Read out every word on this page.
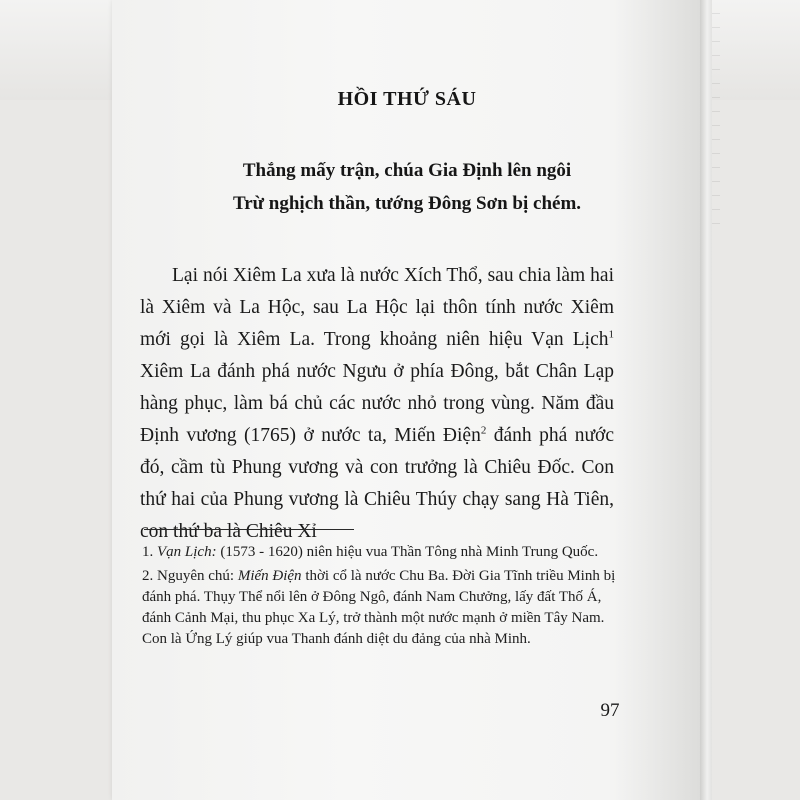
HỒI THỨ SÁU
Thắng mấy trận, chúa Gia Định lên ngôi
Trừ nghịch thần, tướng Đông Sơn bị chém.

Lại nói Xiêm La xưa là nước Xích Thổ, sau chia làm hai là Xiêm và La Hộc, sau La Hộc lại thôn tính nước Xiêm mới gọi là Xiêm La. Trong khoảng niên hiệu Vạn Lịch$^1$ Xiêm La đánh phá nước Ngưu ở phía Đông, bắt Chân Lạp hàng phục, làm bá chủ các nước nhỏ trong vùng. Năm đầu Định vương (1765) ở nước ta, Miến Điện$^2$ đánh phá nước đó, cầm tù Phung vương và con trưởng là Chiêu Đốc. Con thứ hai của Phung vương là Chiêu Thúy chạy sang Hà Tiên, con thứ ba là Chiêu Xỉ

1. Vạn Lịch: (1573 - 1620) niên hiệu vua Thần Tông nhà Minh Trung Quốc.

2. Nguyên chú: Miến Điện thời cổ là nước Chu Ba. Đời Gia Tĩnh triều Minh bị đánh phá. Thụy Thể nổi lên ở Đông Ngô, đánh Nam Chưởng, lấy đất Thố Á, đánh Cảnh Mại, thu phục Xa Lý, trở thành một nước mạnh ở miền Tây Nam. Con là Ứng Lý giúp vua Thanh đánh diệt du đảng của nhà Minh.

97
